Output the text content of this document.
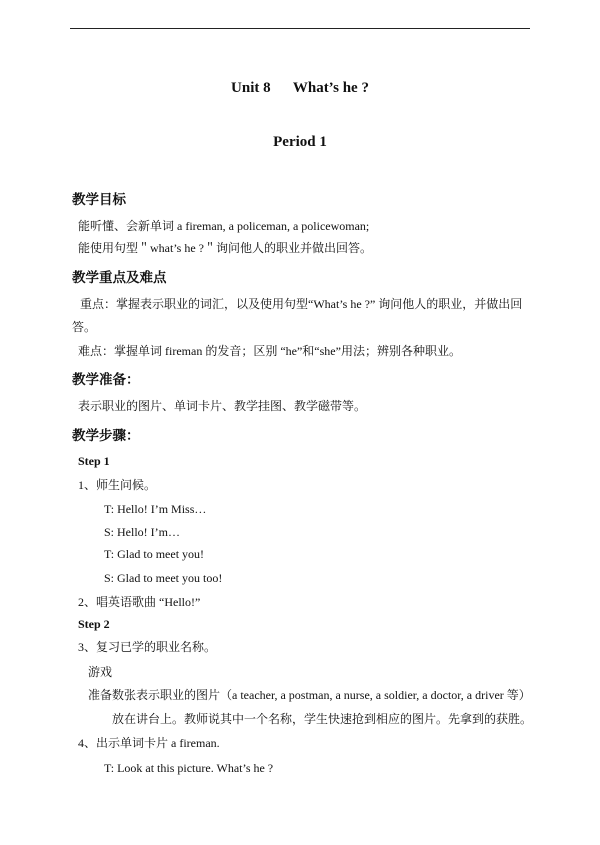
Unit 8      What’s he ?
Period 1
教学目标
能听懂、会新单词 a fireman, a policeman, a policewoman;
能使用句型＂what’s he ?＂询问他人的职业并做出回答。
教学重点及难点
重点：掌握表示职业的词汇，以及使用句型“What’s he ?” 询问他人的职业，并做出回
答。
难点：掌握单词 fireman 的发音；区别 “he”和“she”用法；辨别各种职业。
教学准备：
表示职业的图片、单词卡片、教学挂图、教学磁带等。
教学步骤：
Step 1
1、师生问候。
T: Hello! I’m Miss…
S: Hello! I’m…
T: Glad to meet you!
S: Glad to meet you too!
2、唱英语歌曲 “Hello!”
Step 2
3、复习已学的职业名称。
游戏
准备数张表示职业的图片（a teacher, a postman, a nurse, a soldier, a doctor, a driver 等）
放在讲台上。教师说其中一个名称，学生快速抢到相应的图片。先拿到的获胜。
4、出示单词卡片 a fireman.
T: Look at this picture. What’s he ?
